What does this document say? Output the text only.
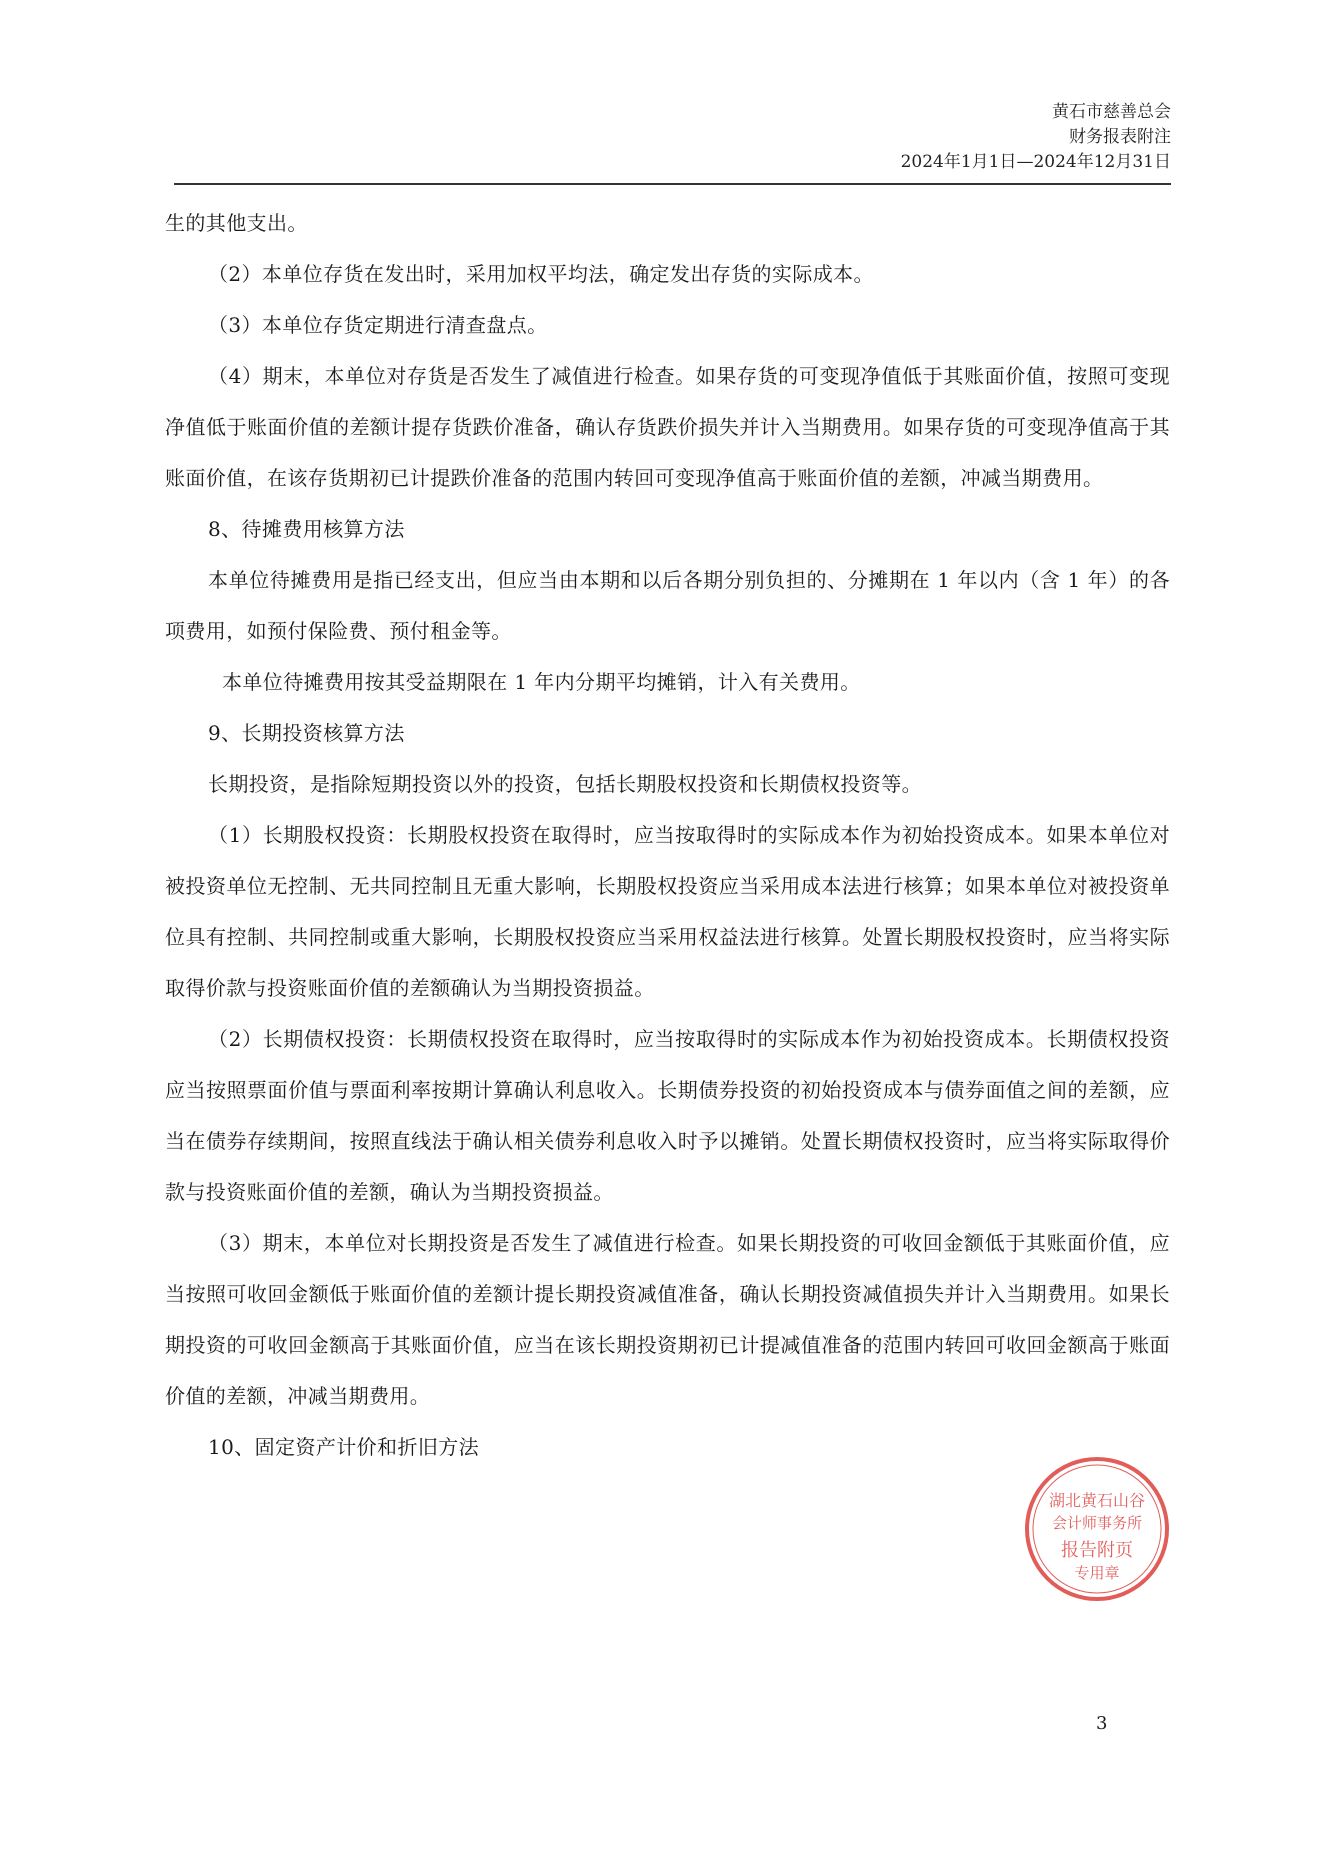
黄石市慈善总会
财务报表附注
2024年1月1日—2024年12月31日

生的其他支出。

（2）本单位存货在发出时，采用加权平均法，确定发出存货的实际成本。

（3）本单位存货定期进行清查盘点。

（4）期末，本单位对存货是否发生了减值进行检查。如果存货的可变现净值低于其账面价值，按照可变现净值低于账面价值的差额计提存货跌价准备，确认存货跌价损失并计入当期费用。如果存货的可变现净值高于其账面价值，在该存货期初已计提跌价准备的范围内转回可变现净值高于账面价值的差额，冲减当期费用。

8、待摊费用核算方法

本单位待摊费用是指已经支出，但应当由本期和以后各期分别负担的、分摊期在 1 年以内（含 1 年）的各项费用，如预付保险费、预付租金等。

本单位待摊费用按其受益期限在 1 年内分期平均摊销，计入有关费用。

9、长期投资核算方法

长期投资，是指除短期投资以外的投资，包括长期股权投资和长期债权投资等。

（1）长期股权投资：长期股权投资在取得时，应当按取得时的实际成本作为初始投资成本。如果本单位对被投资单位无控制、无共同控制且无重大影响，长期股权投资应当采用成本法进行核算；如果本单位对被投资单位具有控制、共同控制或重大影响，长期股权投资应当采用权益法进行核算。处置长期股权投资时，应当将实际取得价款与投资账面价值的差额确认为当期投资损益。

（2）长期债权投资：长期债权投资在取得时，应当按取得时的实际成本作为初始投资成本。长期债权投资应当按照票面价值与票面利率按期计算确认利息收入。长期债券投资的初始投资成本与债券面值之间的差额，应当在债券存续期间，按照直线法于确认相关债券利息收入时予以摊销。处置长期债权投资时，应当将实际取得价款与投资账面价值的差额，确认为当期投资损益。

（3）期末，本单位对长期投资是否发生了减值进行检查。如果长期投资的可收回金额低于其账面价值，应当按照可收回金额低于账面价值的差额计提长期投资减值准备，确认长期投资减值损失并计入当期费用。如果长期投资的可收回金额高于其账面价值，应当在该长期投资期初已计提减值准备的范围内转回可收回金额高于账面价值的差额，冲减当期费用。

10、固定资产计价和折旧方法

湖北黄石山谷
会计师事务所
报告附页
专用章
3
